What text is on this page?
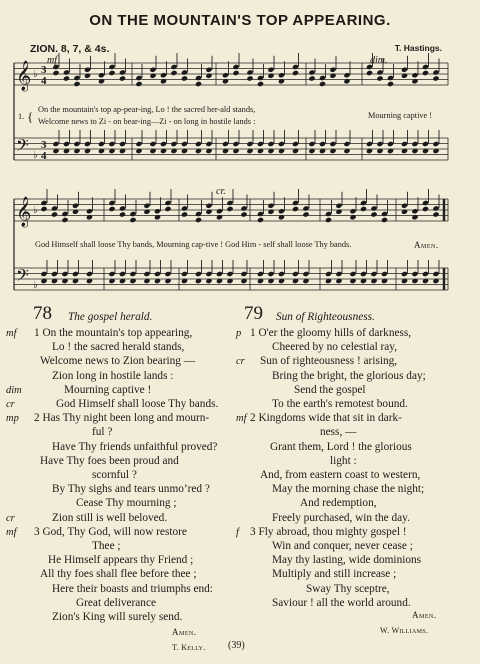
ON THE MOUNTAIN'S TOP APPEARING.
ZION. 8, 7, & 4s.	T. Hastings.
𝄞
𝄢
♭
♭
3
3
4
4
𝄞
𝄢
♭
♭
mf	dim.
cr.
1. { On the mountain's top ap-pear-ing, Lo ! the sacred her-ald stands,
Welcome news to Zi - on bear-ing—Zi - on long in hostile lands :
Mourning captive !
God Himself shall loose Thy bands, Mourning cap-tive ! God Him - self shall loose Thy bands.	Amen.
78 The gospel herald.
1 On the mountain's top appearing,
mf
Lo ! the sacred herald stands,
Welcome news to Zion bearing —
Zion long in hostile lands :
Mourning captive !
dim
God Himself shall loose Thy bands.
cr
2 Has Thy night been long and mourn-
mp
ful ?
Have Thy friends unfaithful proved?
Have Thy foes been proud and
scornful ?
By Thy sighs and tears unmo’red ?
Cease Thy mourning ;
Zion still is well beloved.
cr
3 God, Thy God, will now restore
mf
Thee ;
He Himself appears thy Friend ;
All thy foes shall flee before thee ;
Here their boasts and triumphs end:
Great deliverance
Zion's King will surely send.
Amen.
T. Kelly.
79 Sun of Righteousness.
1 O'er the gloomy hills of darkness,
p
Cheered by no celestial ray,
Sun of righteousness ! arising,
cr
Bring the bright, the glorious day;
Send the gospel
To the earth's remotest bound.
2 Kingdoms wide that sit in dark-
mf
ness, —
Grant them, Lord ! the glorious
light :
And, from eastern coast to western,
May the morning chase the night;
And redemption,
Freely purchased, win the day.
3 Fly abroad, thou mighty gospel !
f
Win and conquer, never cease ;
May thy lasting, wide dominions
Multiply and still increase ;
Sway Thy sceptre,
Saviour ! all the world around.
Amen.
W. Williams.
(39)
